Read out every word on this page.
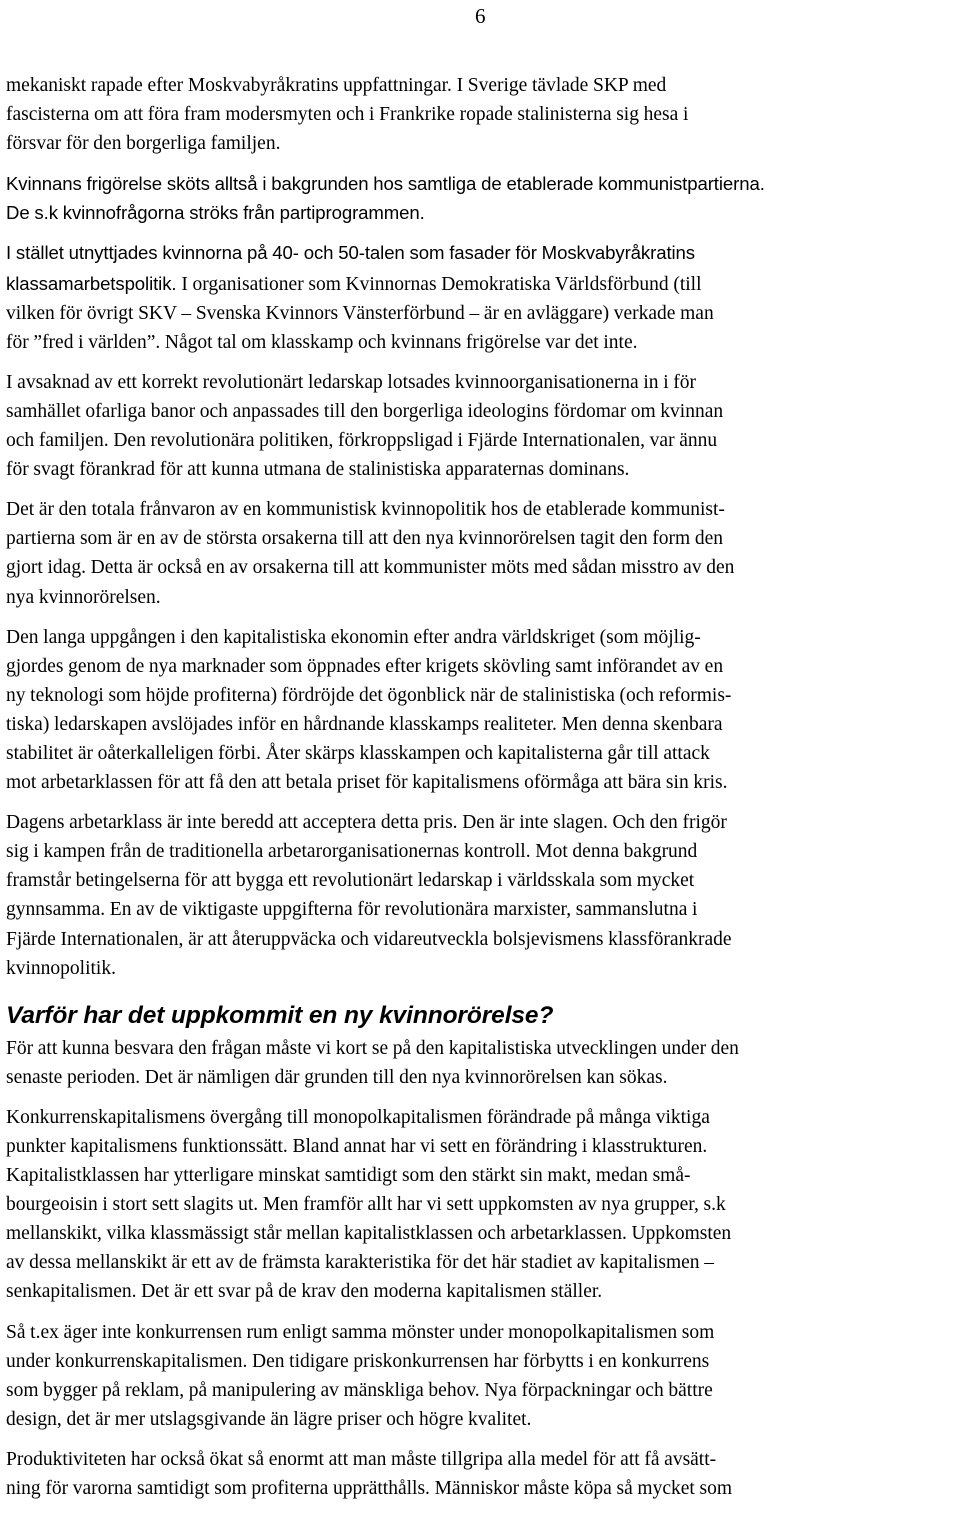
6

mekaniskt rapade efter Moskvabyråkratins uppfattningar. I Sverige tävlade SKP med
fascisterna om att föra fram modersmyten och i Frankrike ropade stalinisterna sig hesa i
försvar för den borgerliga familjen.

Kvinnans frigörelse sköts alltså i bakgrunden hos samtliga de etablerade kommunistpartierna.
De s.k kvinnofrågorna ströks från partiprogrammen.

I stället utnyttjades kvinnorna på 40- och 50-talen som fasader för Moskvabyråkratins
klassamarbetspolitik. I organisationer som Kvinnornas Demokratiska Världsförbund (till
vilken för övrigt SKV – Svenska Kvinnors Vänsterförbund – är en avläggare) verkade man
för ”fred i världen”. Något tal om klasskamp och kvinnans frigörelse var det inte.

I avsaknad av ett korrekt revolutionärt ledarskap lotsades kvinnoorganisationerna in i för
samhället ofarliga banor och anpassades till den borgerliga ideologins fördomar om kvinnan
och familjen. Den revolutionära politiken, förkroppsligad i Fjärde Internationalen, var ännu
för svagt förankrad för att kunna utmana de stalinistiska apparaternas dominans.

Det är den totala frånvaron av en kommunistisk kvinnopolitik hos de etablerade kommunist-
partierna som är en av de största orsakerna till att den nya kvinnorörelsen tagit den form den
gjort idag. Detta är också en av orsakerna till att kommunister möts med sådan misstro av den
nya kvinnorörelsen.

Den langa uppgången i den kapitalistiska ekonomin efter andra världskriget (som möjlig-
gjordes genom de nya marknader som öppnades efter krigets skövling samt införandet av en
ny teknologi som höjde profiterna) fördröjde det ögonblick när de stalinistiska (och reformis-
tiska) ledarskapen avslöjades inför en hårdnande klasskamps realiteter. Men denna skenbara
stabilitet är oåterkalleligen förbi. Åter skärps klasskampen och kapitalisterna går till attack
mot arbetarklassen för att få den att betala priset för kapitalismens oförmåga att bära sin kris.

Dagens arbetarklass är inte beredd att acceptera detta pris. Den är inte slagen. Och den frigör
sig i kampen från de traditionella arbetarorganisationernas kontroll. Mot denna bakgrund
framstår betingelserna för att bygga ett revolutionärt ledarskap i världsskala som mycket
gynnsamma. En av de viktigaste uppgifterna för revolutionära marxister, sammanslutna i
Fjärde Internationalen, är att återuppväcka och vidareutveckla bolsjevismens klassförankrade
kvinnopolitik.

Varför har det uppkommit en ny kvinnorörelse?

För att kunna besvara den frågan måste vi kort se på den kapitalistiska utvecklingen under den
senaste perioden. Det är nämligen där grunden till den nya kvinnorörelsen kan sökas.

Konkurrenskapitalismens övergång till monopolkapitalismen förändrade på många viktiga
punkter kapitalismens funktionssätt. Bland annat har vi sett en förändring i klasstrukturen.
Kapitalistklassen har ytterligare minskat samtidigt som den stärkt sin makt, medan små-
bourgeoisin i stort sett slagits ut. Men framför allt har vi sett uppkomsten av nya grupper, s.k
mellanskikt, vilka klassmässigt står mellan kapitalistklassen och arbetarklassen. Uppkomsten
av dessa mellanskikt är ett av de främsta karakteristika för det här stadiet av kapitalismen –
senkapitalismen. Det är ett svar på de krav den moderna kapitalismen ställer.

Så t.ex äger inte konkurrensen rum enligt samma mönster under monopolkapitalismen som
under konkurrenskapitalismen. Den tidigare priskonkurrensen har förbytts i en konkurrens
som bygger på reklam, på manipulering av mänskliga behov. Nya förpackningar och bättre
design, det är mer utslagsgivande än lägre priser och högre kvalitet.

Produktiviteten har också ökat så enormt att man måste tillgripa alla medel för att få avsätt-
ning för varorna samtidigt som profiterna upprätthålls. Människor måste köpa så mycket som
